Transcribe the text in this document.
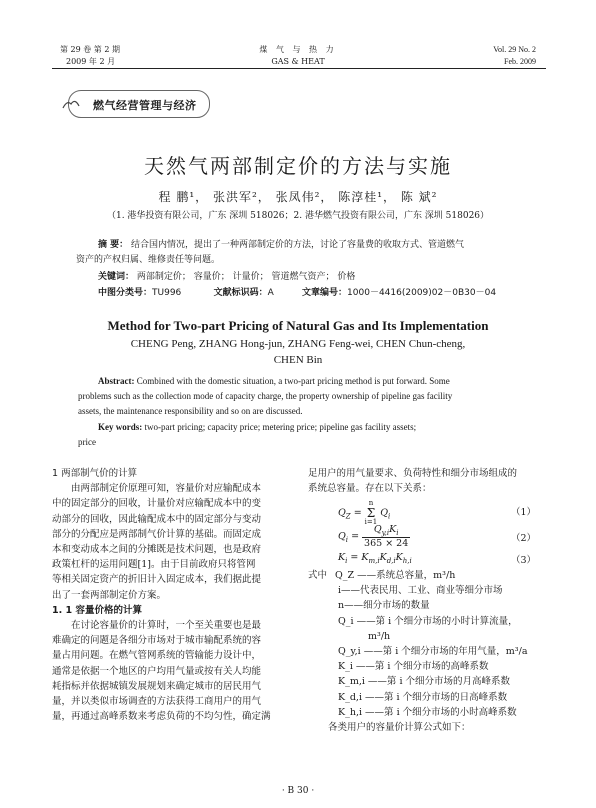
第 29 卷 第 2 期
2009 年 2 月
煤 气 与 热 力
GAS & HEAT
Vol. 29 No. 2
Feb. 2009
燃气经营管理与经济
天然气两部制定价的方法与实施
程 鹏¹， 张洪军²， 张凤伟²， 陈淳桂¹， 陈 斌²
（1. 港华投资有限公司，广东 深圳 518026；2. 港华燃气投资有限公司，广东 深圳 518026）
摘 要： 结合国内情况，提出了一种两部制定价的方法，讨论了容量费的收取方式、管道燃气
资产的产权归属、维修责任等问题。
关键词： 两部制定价； 容量价； 计量价； 管道燃气资产； 价格
中图分类号：TU996	文献标识码：A	文章编号：1000－4416(2009)02－0B30－04
Method for Two-part Pricing of Natural Gas and Its Implementation
CHENG Peng, ZHANG Hong-jun, ZHANG Feng-wei, CHEN Chun-cheng,
CHEN Bin
Abstract: Combined with the domestic situation, a two-part pricing method is put forward. Some
problems such as the collection mode of capacity charge, the property ownership of pipeline gas facility
assets, the maintenance responsibility and so on are discussed.
Key words: two-part pricing; capacity price; metering price; pipeline gas facility assets;
price

1 两部制气价的计算

由两部制定价原理可知，容量价对应输配成本

中的固定部分的回收，计量价对应输配成本中的变

动部分的回收，因此输配成本中的固定部分与变动

部分的分配应是两部制气价计算的基础。而固定成

本和变动成本之间的分摊既是技术问题，也是政府

政策杠杆的运用问题[1]。由于目前政府只将管网

等相关固定资产的折旧计入固定成本，我们据此提

出了一套两部制定价方案。

1. 1 容量价格的计算

在讨论容量价的计算时，一个至关重要也是最

难确定的问题是各细分市场对于城市输配系统的容

量占用问题。在燃气管网系统的管输能力设计中，

通常是依据一个地区的户均用气量或按有关人均能

耗指标并依据城镇发展规划来确定城市的居民用气

量，并以类似市场调查的方法获得工商用户的用气

量，再通过高峰系数来考虑负荷的不均匀性，确定满

足用户的用气量要求、负荷特性和细分市场组成的

系统总容量。存在以下关系：

$Q_Z$ =
n
Σ
i=1
$Q_i$	（1）
$Q_i = \frac{Q_{y,i}K_i}{365 \times 24}$	（2）
$K_i = K_{m,i}K_{d,i}K_{h,i}$	（3）
式中 Q_Z ——系统总容量，m³/h
i——代表民用、工业、商业等细分市场
n——细分市场的数量
Q_i ——第 i 个细分市场的小时计算流量，
m³/h
Q_y,i ——第 i 个细分市场的年用气量，m³/a
K_i ——第 i 个细分市场的高峰系数
K_m,i ——第 i 个细分市场的月高峰系数
K_d,i ——第 i 个细分市场的日高峰系数
K_h,i ——第 i 个细分市场的小时高峰系数
各类用户的容量价计算公式如下：
· B 30 ·
